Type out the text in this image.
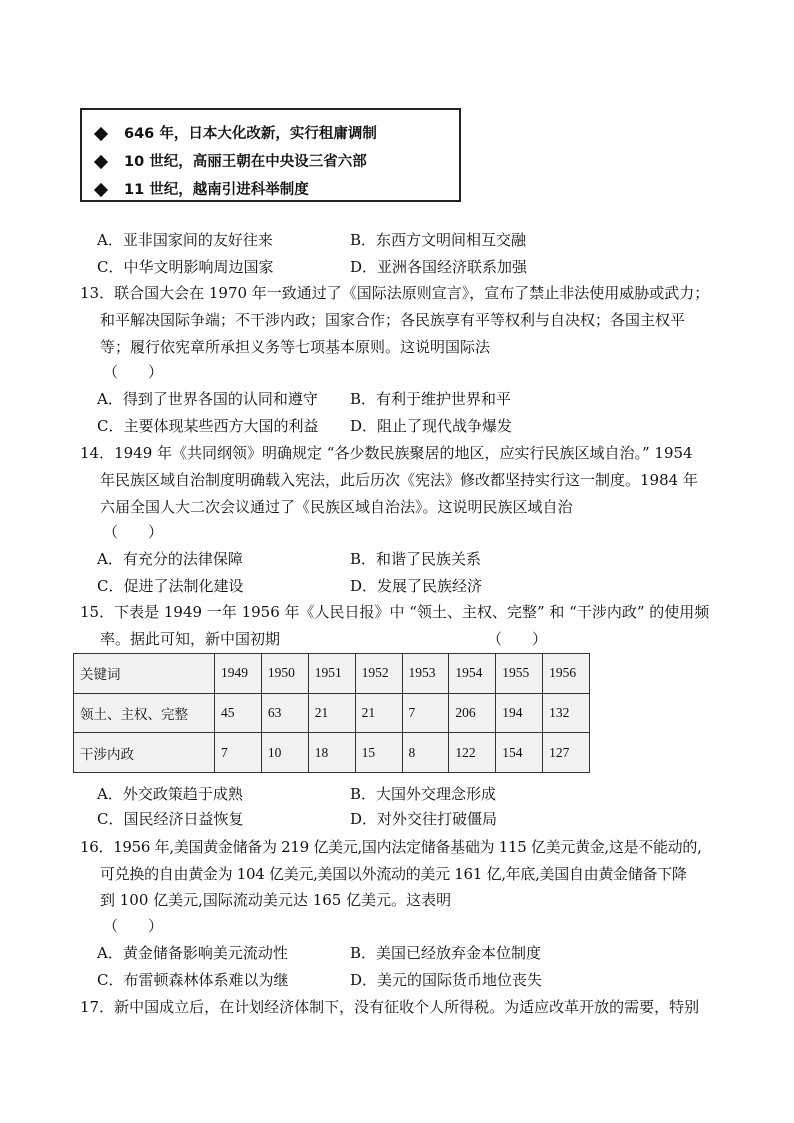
646 年，日本大化改新，实行租庸调制
10 世纪，高丽王朝在中央设三省六部
11 世纪，越南引进科举制度
A．亚非国家间的友好往来	B．东西方文明间相互交融
C．中华文明影响周边国家	D．亚洲各国经济联系加强
13．联合国大会在 1970 年一致通过了《国际法原则宣言》，宣布了禁止非法使用威胁或武力；
和平解决国际争端；不干涉内政；国家合作；各民族享有平等权利与自决权；各国主权平
等；履行依宪章所承担义务等七项基本原则。这说明国际法
（　　）
A．得到了世界各国的认同和遵守 B．有利于维护世界和平
C．主要体现某些西方大国的利益 D．阻止了现代战争爆发
14．1949 年《共同纲领》明确规定 “各少数民族聚居的地区，应实行民族区域自治。” 1954
年民族区域自治制度明确载入宪法，此后历次《宪法》修改都坚持实行这一制度。1984 年
六届全国人大二次会议通过了《民族区域自治法》。这说明民族区域自治
（　　）
A．有充分的法律保障	B．和谐了民族关系
C．促进了法制化建设	D．发展了民族经济
15．下表是 1949 一年 1956 年《人民日报》中 “领土、主权、完整” 和 “干涉内政” 的使用频
率。据此可知，新中国初期	（　　）
关键词	1949	1950	1951	1952	1953	1954	1955	1956
领土、主权、完整	45	63	21	21	7	206	194	132
干涉内政	7	10	18	15	8	122	154	127
A．外交政策趋于成熟	B．大国外交理念形成
C．国民经济日益恢复	D．对外交往打破僵局
16．1956 年,美国黄金储备为 219 亿美元,国内法定储备基础为 115 亿美元黄金,这是不能动的,
可兑换的自由黄金为 104 亿美元,美国以外流动的美元 161 亿,年底,美国自由黄金储备下降
到 100 亿美元,国际流动美元达 165 亿美元。这表明
（　　）
A．黄金储备影响美元流动性	B．美国已经放弃金本位制度
C．布雷顿森林体系难以为继	D．美元的国际货币地位丧失
17．新中国成立后，在计划经济体制下，没有征收个人所得税。为适应改革开放的需要，特别
